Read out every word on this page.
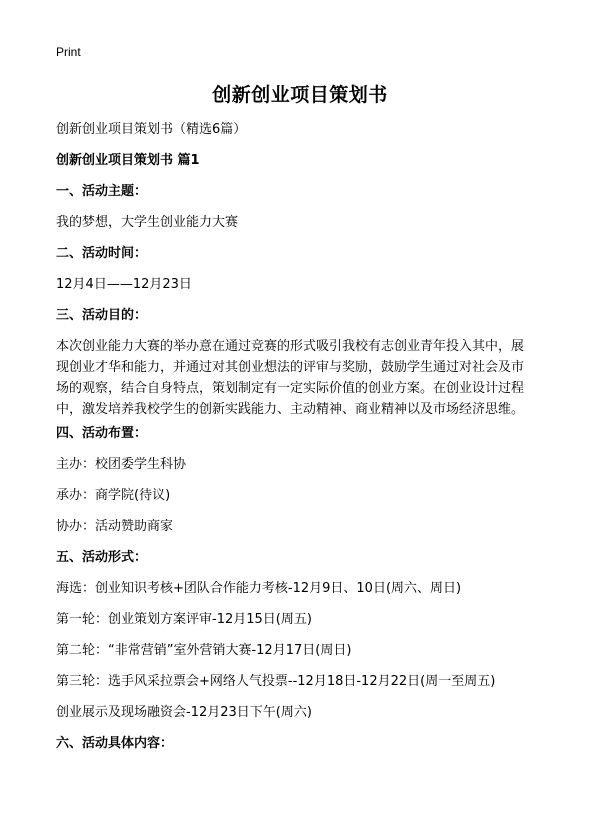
Print
创新创业项目策划书
创新创业项目策划书（精选6篇）
创新创业项目策划书 篇1
一、活动主题：
我的梦想，大学生创业能力大赛
二、活动时间：
12月4日——12月23日
三、活动目的：
本次创业能力大赛的举办意在通过竞赛的形式吸引我校有志创业青年投入其中，展
现创业才华和能力，并通过对其创业想法的评审与奖励，鼓励学生通过对社会及市
场的观察，结合自身特点，策划制定有一定实际价值的创业方案。在创业设计过程
中，激发培养我校学生的创新实践能力、主动精神、商业精神以及市场经济思维。
四、活动布置：
主办：校团委学生科协
承办：商学院(待议)
协办：活动赞助商家
五、活动形式：
海选：创业知识考核+团队合作能力考核-12月9日、10日(周六、周日)
第一轮：创业策划方案评审-12月15日(周五)
第二轮：“非常营销”室外营销大赛-12月17日(周日)
第三轮：选手风采拉票会+网络人气投票--12月18日-12月22日(周一至周五)
创业展示及现场融资会-12月23日下午(周六)
六、活动具体内容：
